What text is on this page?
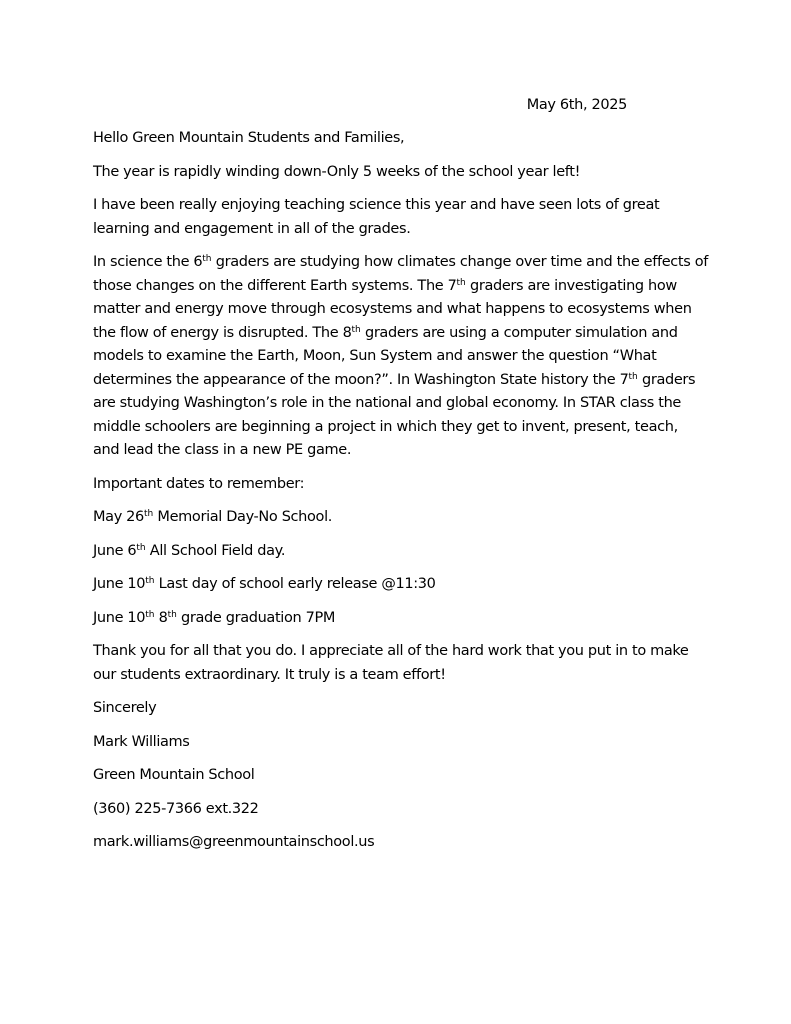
May 6th, 2025

Hello Green Mountain Students and Families,

The year is rapidly winding down-Only 5 weeks of the school year left!

I have been really enjoying teaching science this year and have seen lots of great learning and engagement in all of the grades.

In science the 6th graders are studying how climates change over time and the effects of those changes on the different Earth systems. The 7th graders are investigating how matter and energy move through ecosystems and what happens to ecosystems when the flow of energy is disrupted. The 8th graders are using a computer simulation and models to examine the Earth, Moon, Sun System and answer the question “What determines the appearance of the moon?”. In Washington State history the 7th graders are studying Washington’s role in the national and global economy. In STAR class the middle schoolers are beginning a project in which they get to invent, present, teach, and lead the class in a new PE game.

Important dates to remember:

May 26th Memorial Day-No School.

June 6th All School Field day.

June 10th Last day of school early release @11:30

June 10th 8th grade graduation 7PM

Thank you for all that you do. I appreciate all of the hard work that you put in to make our students extraordinary. It truly is a team effort!

Sincerely

Mark Williams

Green Mountain School

(360) 225-7366 ext.322

mark.williams@greenmountainschool.us
